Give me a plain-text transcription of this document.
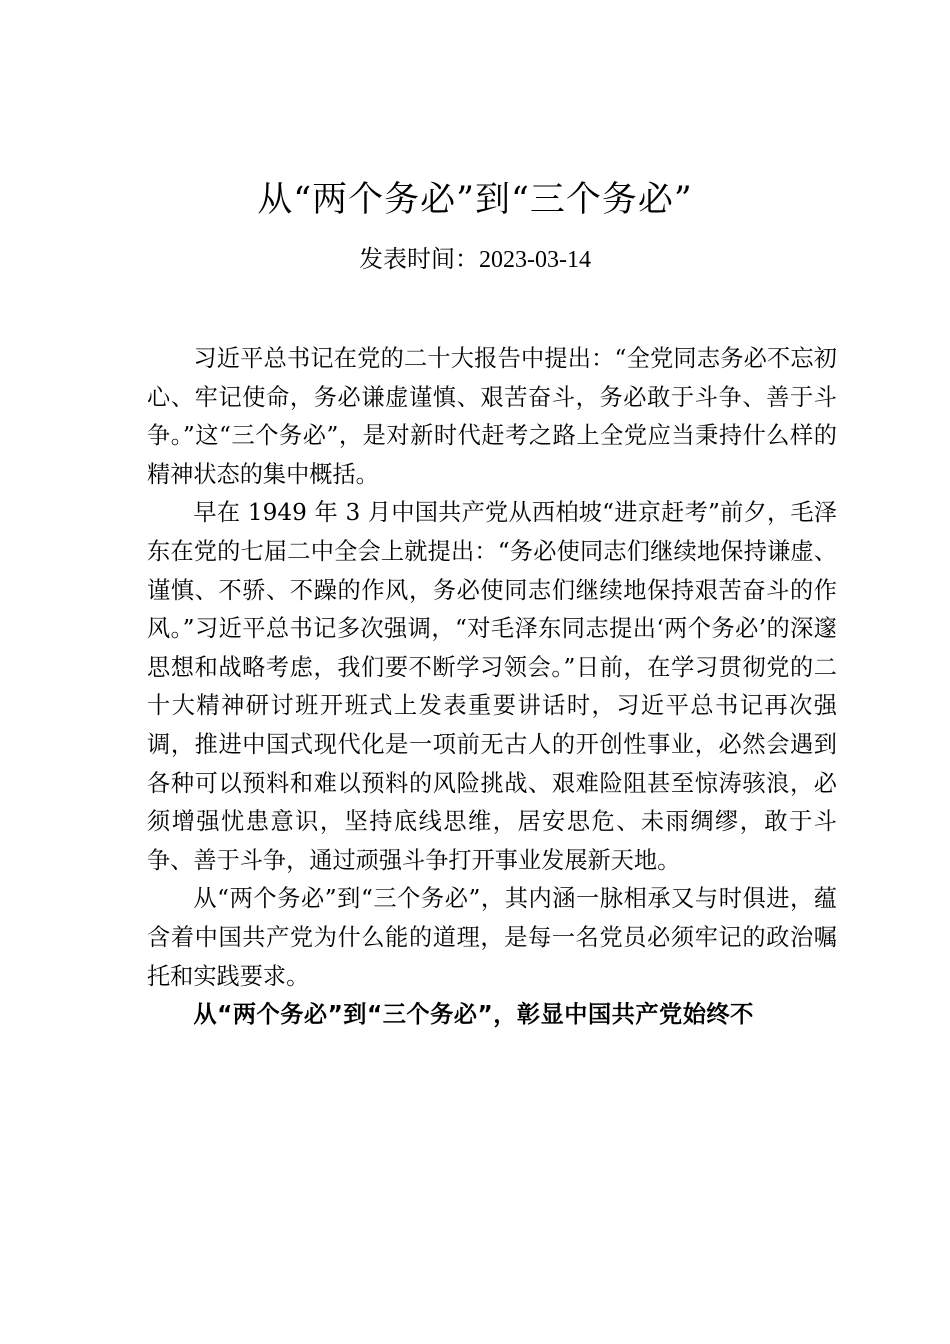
从“两个务必”到“三个务必”
发表时间：2023-03-14

习近平总书记在党的二十大报告中提出：“全党同志务必不忘初心、牢记使命，务必谦虚谨慎、艰苦奋斗，务必敢于斗争、善于斗争。”这“三个务必”，是对新时代赶考之路上全党应当秉持什么样的精神状态的集中概括。

早在 1949 年 3 月中国共产党从西柏坡“进京赶考”前夕，毛泽东在党的七届二中全会上就提出：“务必使同志们继续地保持谦虚、谨慎、不骄、不躁的作风，务必使同志们继续地保持艰苦奋斗的作风。”习近平总书记多次强调，“对毛泽东同志提出‘两个务必’的深邃思想和战略考虑，我们要不断学习领会。”日前，在学习贯彻党的二十大精神研讨班开班式上发表重要讲话时，习近平总书记再次强调，推进中国式现代化是一项前无古人的开创性事业，必然会遇到各种可以预料和难以预料的风险挑战、艰难险阻甚至惊涛骇浪，必须增强忧患意识，坚持底线思维，居安思危、未雨绸缪，敢于斗争、善于斗争，通过顽强斗争打开事业发展新天地。

从“两个务必”到“三个务必”，其内涵一脉相承又与时俱进，蕴含着中国共产党为什么能的道理，是每一名党员必须牢记的政治嘱托和实践要求。

从“两个务必”到“三个务必”，彰显中国共产党始终不
